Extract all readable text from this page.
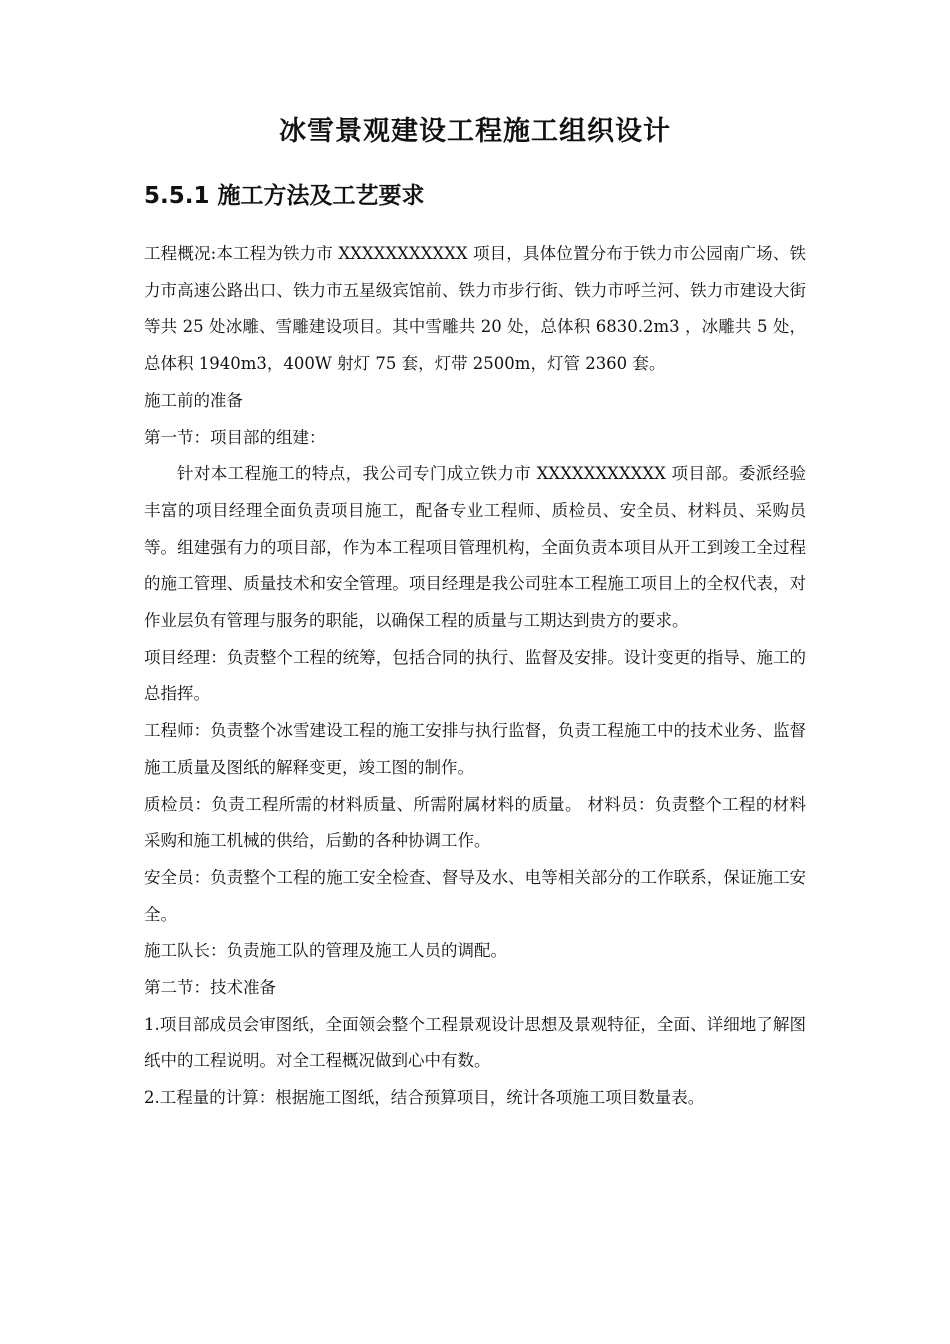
冰雪景观建设工程施工组织设计
5.5.1 施工方法及工艺要求

工程概况:本工程为铁力市 XXXXXXXXXXX 项目，具体位置分布于铁力市公园南广场、铁力市高速公路出口、铁力市五星级宾馆前、铁力市步行街、铁力市呼兰河、铁力市建设大街等共 25 处冰雕、雪雕建设项目。其中雪雕共 20 处，总体积 6830.2m3 ，冰雕共 5 处，总体积 1940m3，400W 射灯 75 套，灯带 2500m，灯管 2360 套。

施工前的准备

第一节：项目部的组建：

针对本工程施工的特点，我公司专门成立铁力市 XXXXXXXXXXX 项目部。委派经验丰富的项目经理全面负责项目施工，配备专业工程师、质检员、安全员、材料员、采购员等。组建强有力的项目部，作为本工程项目管理机构，全面负责本项目从开工到竣工全过程的施工管理、质量技术和安全管理。项目经理是我公司驻本工程施工项目上的全权代表，对作业层负有管理与服务的职能，以确保工程的质量与工期达到贵方的要求。

项目经理：负责整个工程的统筹，包括合同的执行、监督及安排。设计变更的指导、施工的总指挥。

工程师：负责整个冰雪建设工程的施工安排与执行监督，负责工程施工中的技术业务、监督施工质量及图纸的解释变更，竣工图的制作。

质检员：负责工程所需的材料质量、所需附属材料的质量。 材料员：负责整个工程的材料采购和施工机械的供给，后勤的各种协调工作。

安全员：负责整个工程的施工安全检查、督导及水、电等相关部分的工作联系，保证施工安全。

施工队长：负责施工队的管理及施工人员的调配。

第二节：技术准备

1.项目部成员会审图纸，全面领会整个工程景观设计思想及景观特征，全面、详细地了解图纸中的工程说明。对全工程概况做到心中有数。

2.工程量的计算：根据施工图纸，结合预算项目，统计各项施工项目数量表。
